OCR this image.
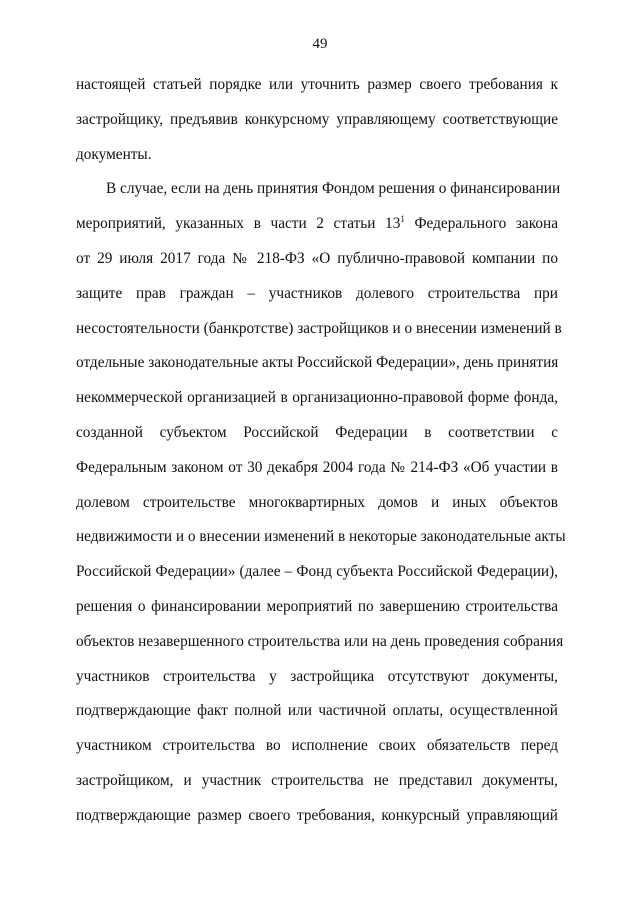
49
настоящей статьей порядке или уточнить размер своего требования к
застройщику, предъявив конкурсному управляющему соответствующие
документы.
В случае, если на день принятия Фондом решения о финансировании
мероприятий, указанных в части 2 статьи $13^1$ Федерального закона
от 29 июля 2017 года № 218-ФЗ «О публично-правовой компании по
защите прав граждан – участников долевого строительства при
несостоятельности (банкротстве) застройщиков и о внесении изменений в
отдельные законодательные акты Российской Федерации», день принятия
некоммерческой организацией в организационно-правовой форме фонда,
созданной субъектом Российской Федерации в соответствии с
Федеральным законом от 30 декабря 2004 года № 214-ФЗ «Об участии в
долевом строительстве многоквартирных домов и иных объектов
недвижимости и о внесении изменений в некоторые законодательные акты
Российской Федерации» (далее – Фонд субъекта Российской Федерации),
решения о финансировании мероприятий по завершению строительства
объектов незавершенного строительства или на день проведения собрания
участников строительства у застройщика отсутствуют документы,
подтверждающие факт полной или частичной оплаты, осуществленной
участником строительства во исполнение своих обязательств перед
застройщиком, и участник строительства не представил документы,
подтверждающие размер своего требования, конкурсный управляющий
